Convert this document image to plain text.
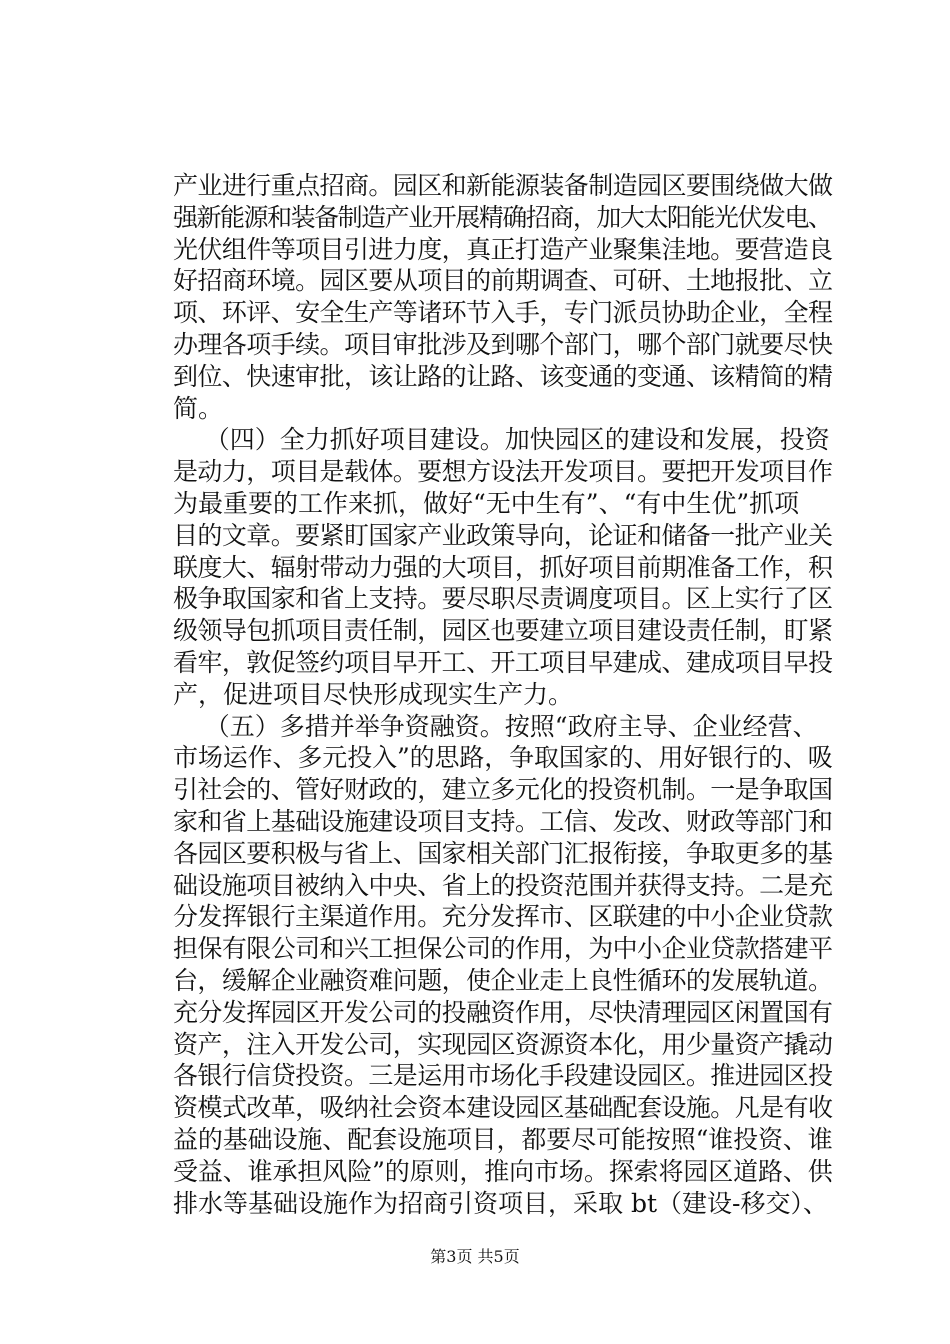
产业进行重点招商。园区和新能源装备制造园区要围绕做大做
强新能源和装备制造产业开展精确招商，加大太阳能光伏发电、
光伏组件等项目引进力度，真正打造产业聚集洼地。要营造良
好招商环境。园区要从项目的前期调查、可研、土地报批、立
项、环评、安全生产等诸环节入手，专门派员协助企业，全程
办理各项手续。项目审批涉及到哪个部门，哪个部门就要尽快
到位、快速审批，该让路的让路、该变通的变通、该精简的精
简。
（四）全力抓好项目建设。加快园区的建设和发展，投资
是动力，项目是载体。要想方设法开发项目。要把开发项目作
为最重要的工作来抓，做好“无中生有”、“有中生优”抓项
目的文章。要紧盯国家产业政策导向，论证和储备一批产业关
联度大、辐射带动力强的大项目，抓好项目前期准备工作，积
极争取国家和省上支持。要尽职尽责调度项目。区上实行了区
级领导包抓项目责任制，园区也要建立项目建设责任制，盯紧
看牢，敦促签约项目早开工、开工项目早建成、建成项目早投
产，促进项目尽快形成现实生产力。
（五）多措并举争资融资。按照“政府主导、企业经营、
市场运作、多元投入”的思路，争取国家的、用好银行的、吸
引社会的、管好财政的，建立多元化的投资机制。一是争取国
家和省上基础设施建设项目支持。工信、发改、财政等部门和
各园区要积极与省上、国家相关部门汇报衔接，争取更多的基
础设施项目被纳入中央、省上的投资范围并获得支持。二是充
分发挥银行主渠道作用。充分发挥市、区联建的中小企业贷款
担保有限公司和兴工担保公司的作用，为中小企业贷款搭建平
台，缓解企业融资难问题，使企业走上良性循环的发展轨道。
充分发挥园区开发公司的投融资作用，尽快清理园区闲置国有
资产，注入开发公司，实现园区资源资本化，用少量资产撬动
各银行信贷投资。三是运用市场化手段建设园区。推进园区投
资模式改革，吸纳社会资本建设园区基础配套设施。凡是有收
益的基础设施、配套设施项目，都要尽可能按照“谁投资、谁
受益、谁承担风险”的原则，推向市场。探索将园区道路、供
排水等基础设施作为招商引资项目，采取 bt（建设-移交）、
第3页 共5页
